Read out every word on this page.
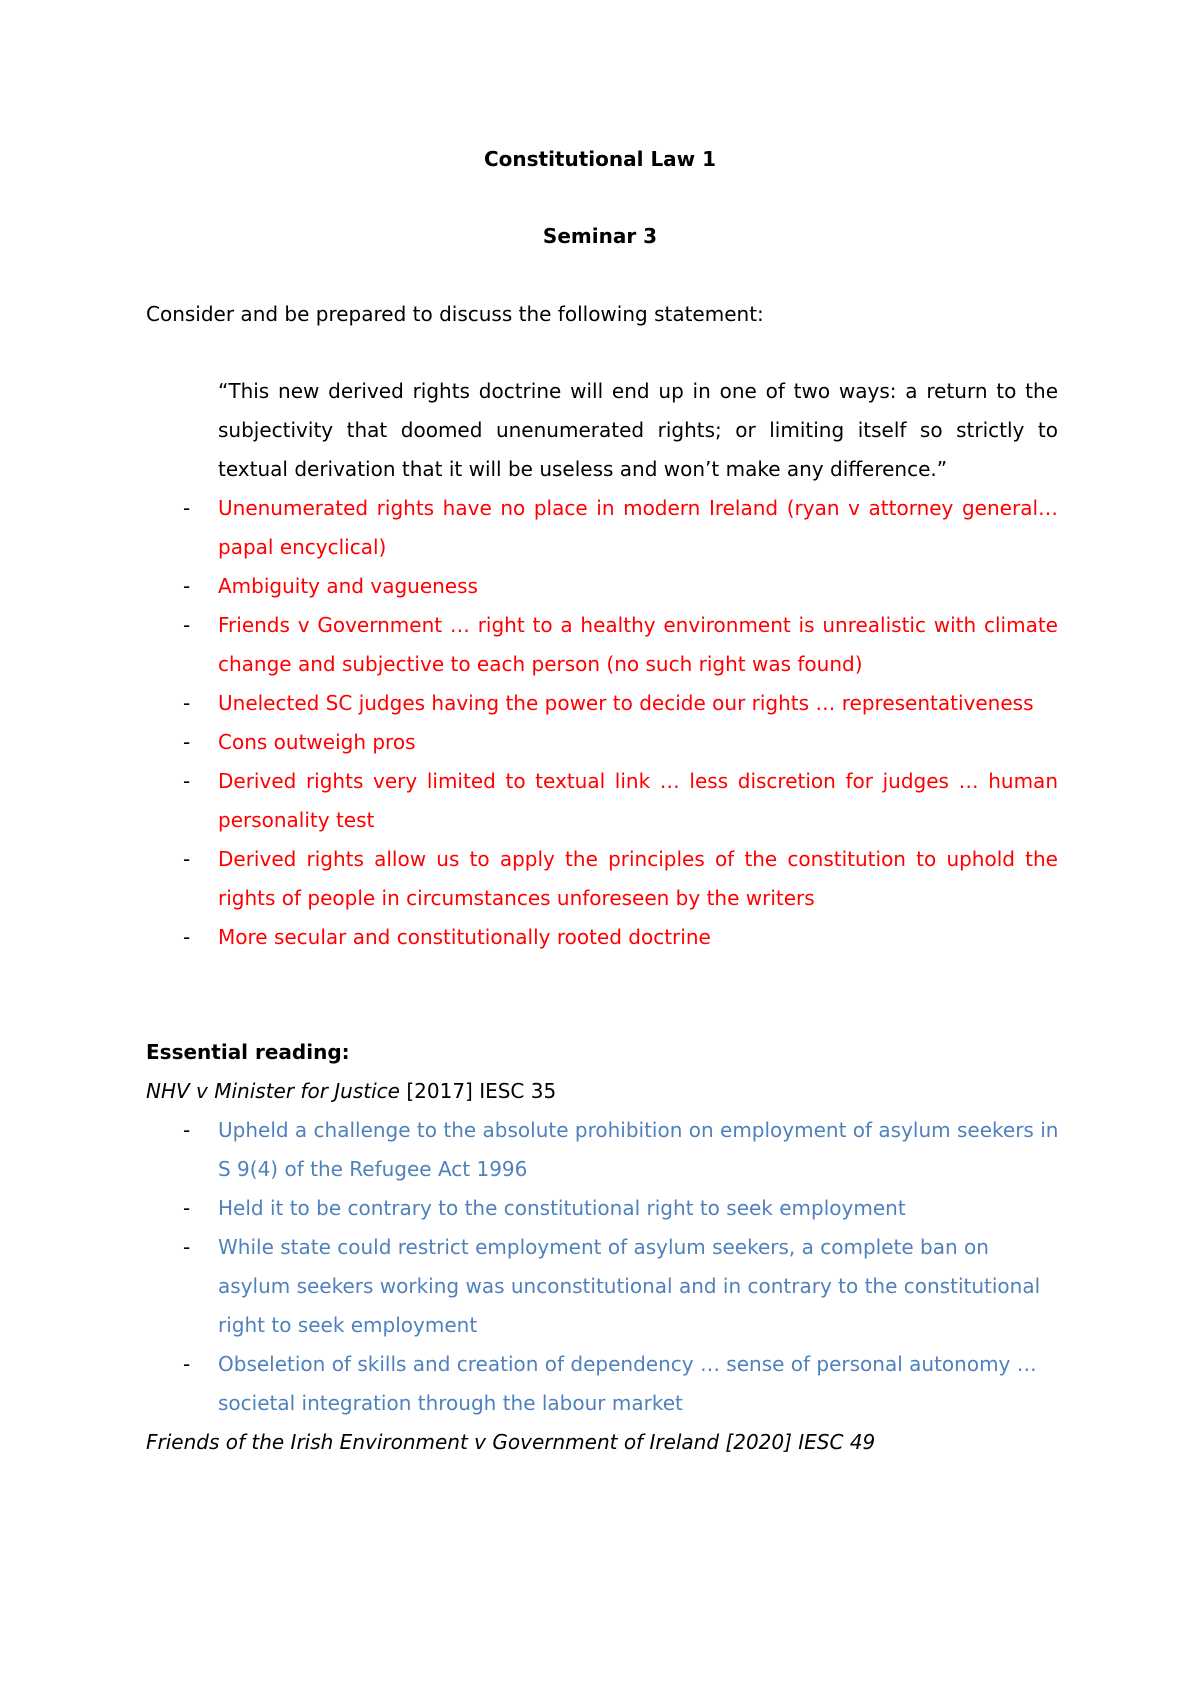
Constitutional Law 1
Seminar 3
Consider and be prepared to discuss the following statement:
“This new derived rights doctrine will end up in one of two ways: a return to the
subjectivity that doomed unenumerated rights; or limiting itself so strictly to
textual derivation that it will be useless and won’t make any difference.”
- Unenumerated rights have no place in modern Ireland (ryan v attorney general…
papal encyclical)
- Ambiguity and vagueness
- Friends v Government … right to a healthy environment is unrealistic with climate
change and subjective to each person (no such right was found)
- Unelected SC judges having the power to decide our rights … representativeness
- Cons outweigh pros
- Derived rights very limited to textual link … less discretion for judges … human
personality test
- Derived rights allow us to apply the principles of the constitution to uphold the
rights of people in circumstances unforeseen by the writers
- More secular and constitutionally rooted doctrine
Essential reading:
NHV v Minister for Justice [2017] IESC 35
- Upheld a challenge to the absolute prohibition on employment of asylum seekers in
S 9(4) of the Refugee Act 1996
- Held it to be contrary to the constitutional right to seek employment
- While state could restrict employment of asylum seekers, a complete ban on
asylum seekers working was unconstitutional and in contrary to the constitutional
right to seek employment
- Obseletion of skills and creation of dependency … sense of personal autonomy …
societal integration through the labour market
Friends of the Irish Environment v Government of Ireland [2020] IESC 49
